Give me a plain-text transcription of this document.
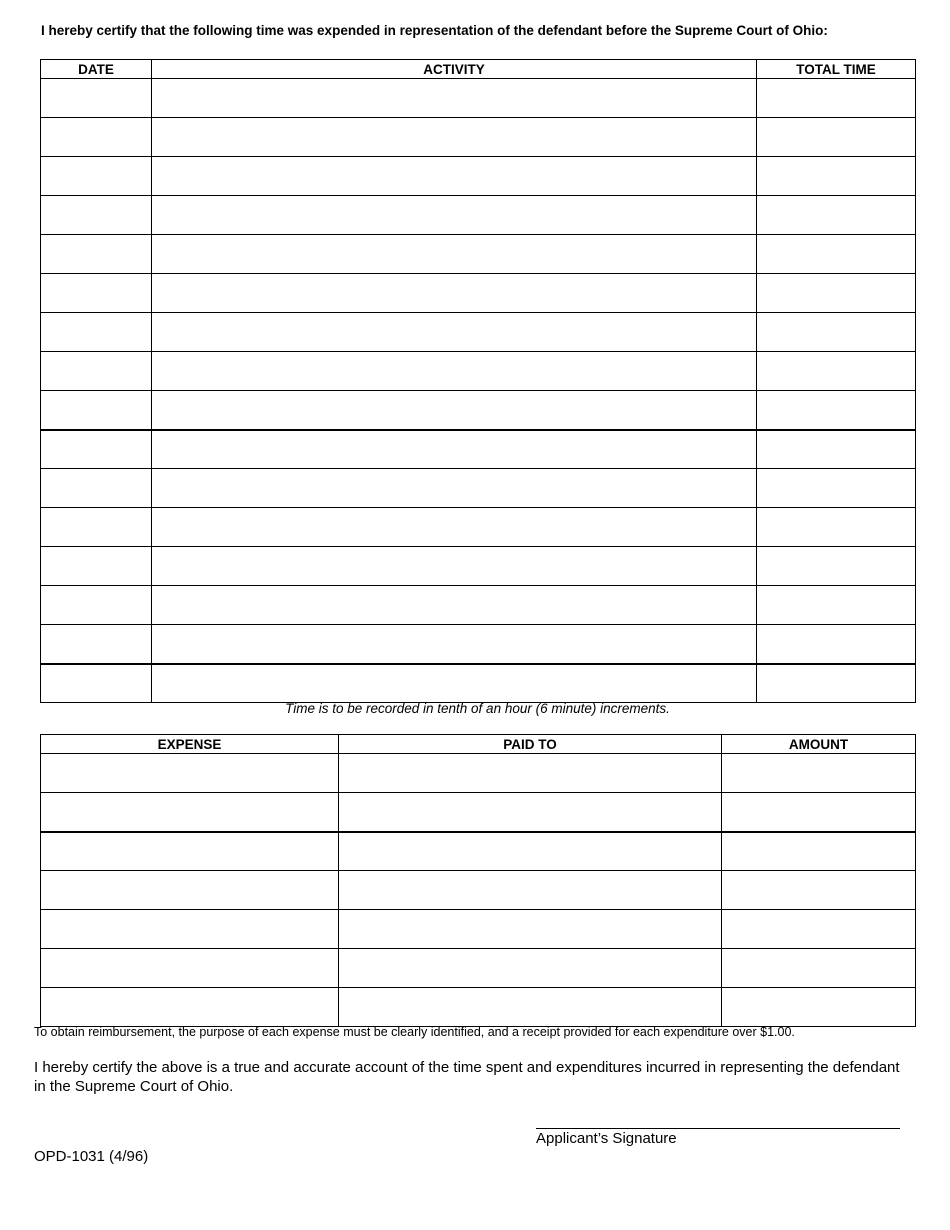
I hereby certify that the following time was expended in representation of the defendant before the Supreme Court of Ohio:
DATE	ACTIVITY	TOTAL TIME

Time is to be recorded in tenth of an hour (6 minute) increments.
EXPENSE	PAID TO	AMOUNT

To obtain reimbursement, the purpose of each expense must be clearly identified, and a receipt provided for each expenditure over $1.00.
I hereby certify the above is a true and accurate account of the time spent and expenditures incurred in representing the defendant in the Supreme Court of Ohio.
Applicant’s Signature
OPD-1031 (4/96)
